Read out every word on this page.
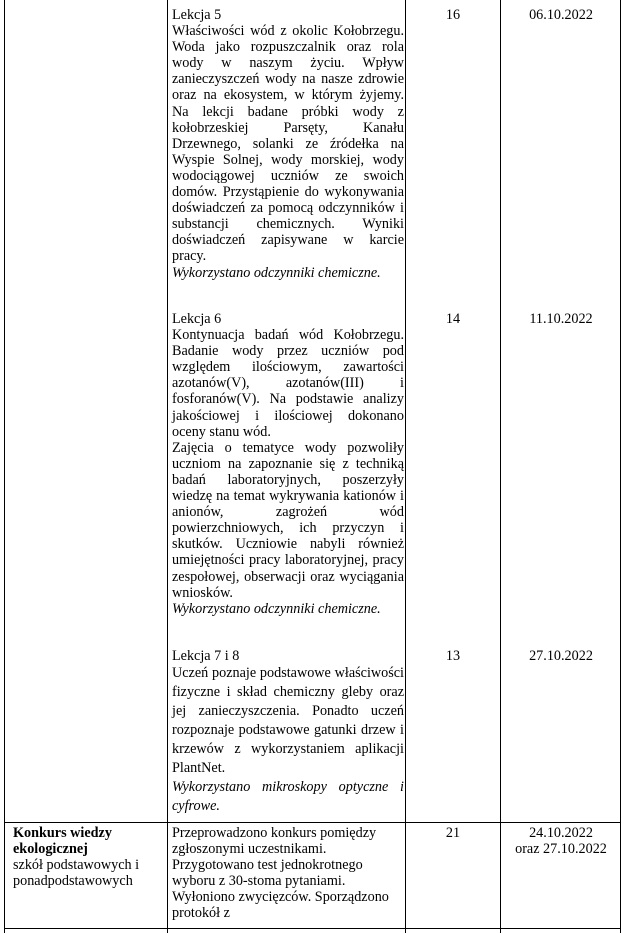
Lekcja 5

Właściwości wód z okolic Kołobrzegu. Woda jako rozpuszczalnik oraz rola wody w naszym życiu. Wpływ zanieczyszczeń wody na nasze zdrowie oraz na ekosystem, w którym żyjemy. Na lekcji badane próbki wody z kołobrzeskiej Parsęty, Kanału Drzewnego, solanki ze źródełka na Wyspie Solnej, wody morskiej, wody wodociągowej uczniów ze swoich domów. Przystąpienie do wykonywania doświadczeń za pomocą odczynników i substancji chemicznych. Wyniki doświadczeń zapisywane w karcie pracy.

Wykorzystano odczynniki chemiczne.

16	06.10.2022

Lekcja 6

Kontynuacja badań wód Kołobrzegu. Badanie wody przez uczniów pod względem ilościowym, zawartości azotanów(V), azotanów(III) i fosforanów(V). Na podstawie analizy jakościowej i ilościowej dokonano oceny stanu wód.

Zajęcia o tematyce wody pozwoliły uczniom na zapoznanie się z techniką badań laboratoryjnych, poszerzyły wiedzę na temat wykrywania kationów i anionów, zagrożeń wód powierzchniowych, ich przyczyn i skutków. Uczniowie nabyli również umiejętności pracy laboratoryjnej, pracy zespołowej, obserwacji oraz wyciągania wniosków.

Wykorzystano odczynniki chemiczne.

14	11.10.2022

Lekcja 7 i 8

Uczeń poznaje podstawowe właściwości fizyczne i skład chemiczny gleby oraz jej zanieczyszczenia. Ponadto uczeń rozpoznaje podstawowe gatunki drzew i krzewów z wykorzystaniem aplikacji PlantNet.

Wykorzystano mikroskopy optyczne i cyfrowe.

13	27.10.2022
Konkurs wiedzy ekologicznej
szkół podstawowych i ponadpodstawowych
Przeprowadzono konkurs pomiędzy zgłoszonymi uczestnikami. Przygotowano test jednokrotnego wyboru z 30-stoma pytaniami. Wyłoniono zwycięzców. Sporządzono protokół z
21	24.10.2022
oraz 27.10.2022
